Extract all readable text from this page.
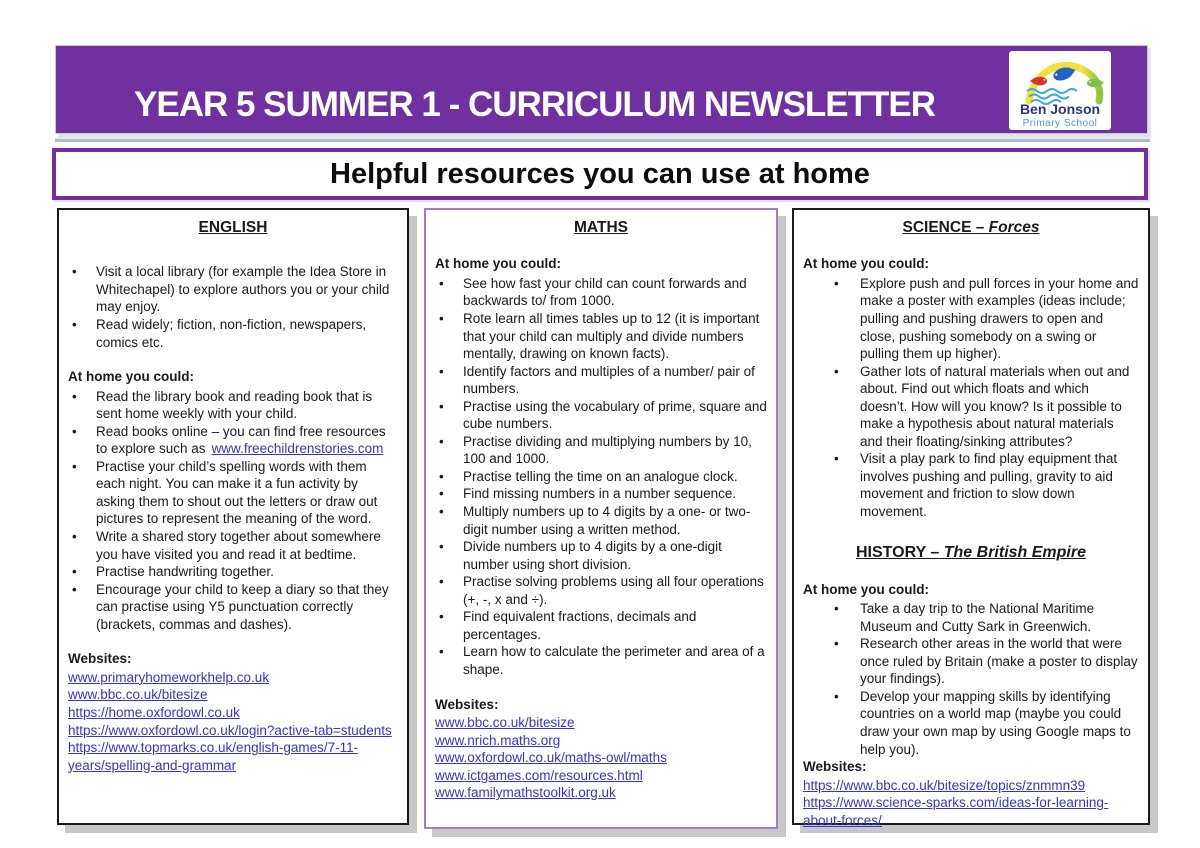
YEAR 5 SUMMER 1 - CURRICULUM NEWSLETTER	Ben Jonson
Primary School
Helpful resources you can use at home
ENGLISH
• Visit a local library (for example the Idea Store in Whitechapel) to explore authors you or your child may enjoy.
• Read widely; fiction, non-fiction, newspapers, comics etc.

At home you could:

• Read the library book and reading book that is sent home weekly with your child.
• Read books online – you can find free resources to explore such as www.freechildrenstories.com
• Practise your child’s spelling words with them each night. You can make it a fun activity by asking them to shout out the letters or draw out pictures to represent the meaning of the word.
• Write a shared story together about somewhere you have visited you and read it at bedtime.
• Practise handwriting together.
• Encourage your child to keep a diary so that they can practise using Y5 punctuation correctly (brackets, commas and dashes).

Websites:

www.primaryhomeworkhelp.co.uk
www.bbc.co.uk/bitesize
https://home.oxfordowl.co.uk
https://www.oxfordowl.co.uk/login?active-tab=students
https://www.topmarks.co.uk/english-games/7-11-years/spelling-and-grammar
MATHS

At home you could:

• See how fast your child can count forwards and backwards to/ from 1000.
• Rote learn all times tables up to 12 (it is important that your child can multiply and divide numbers mentally, drawing on known facts).
• Identify factors and multiples of a number/ pair of numbers.
• Practise using the vocabulary of prime, square and cube numbers.
• Practise dividing and multiplying numbers by 10, 100 and 1000.
• Practise telling the time on an analogue clock.
• Find missing numbers in a number sequence.
• Multiply numbers up to 4 digits by a one- or two-digit number using a written method.
• Divide numbers up to 4 digits by a one-digit number using short division.
• Practise solving problems using all four operations (+, -, x and ÷).
• Find equivalent fractions, decimals and percentages.
• Learn how to calculate the perimeter and area of a shape.

Websites:

www.bbc.co.uk/bitesize
www.nrich.maths.org
www.oxfordowl.co.uk/maths-owl/maths
www.ictgames.com/resources.html
www.familymathstoolkit.org.uk
SCIENCE – Forces

At home you could:

• Explore push and pull forces in your home and make a poster with examples (ideas include; pulling and pushing drawers to open and close, pushing somebody on a swing or pulling them up higher).
• Gather lots of natural materials when out and about. Find out which floats and which doesn’t. How will you know? Is it possible to make a hypothesis about natural materials and their floating/sinking attributes?
• Visit a play park to find play equipment that involves pushing and pulling, gravity to aid movement and friction to slow down movement.
HISTORY – The British Empire

At home you could:

• Take a day trip to the National Maritime Museum and Cutty Sark in Greenwich.
• Research other areas in the world that were once ruled by Britain (make a poster to display your findings).
• Develop your mapping skills by identifying countries on a world map (maybe you could draw your own map by using Google maps to help you).

Websites:

https://www.bbc.co.uk/bitesize/topics/znmmn39
https://www.science-sparks.com/ideas-for-learning-about-forces/
